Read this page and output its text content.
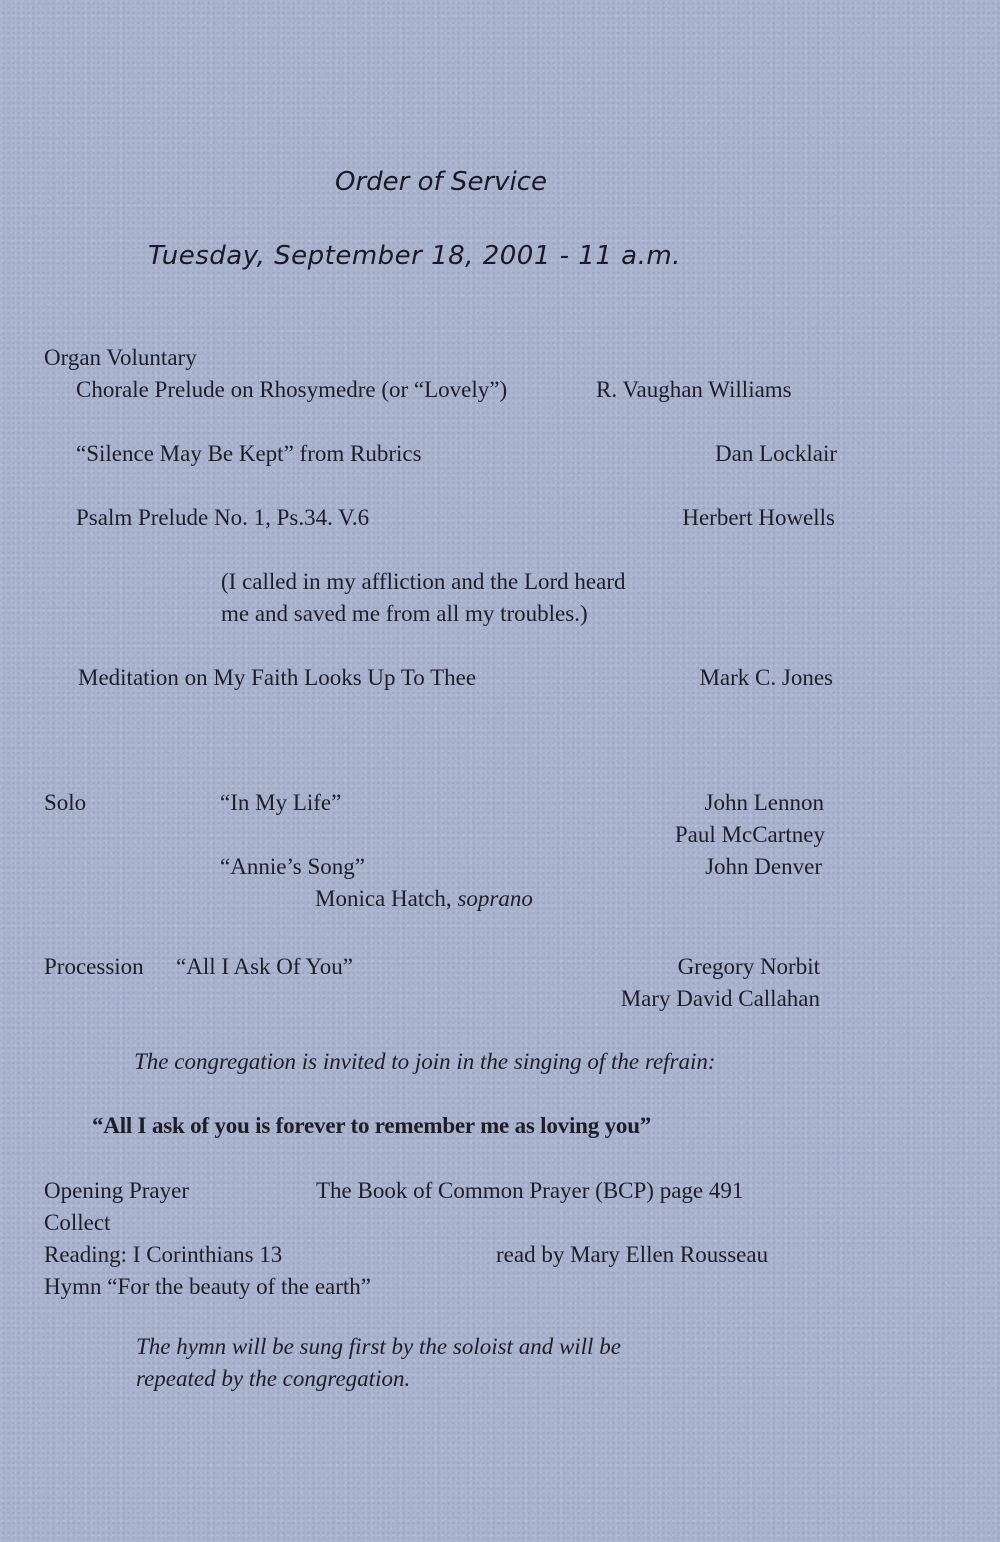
Order of Service
Tuesday, September 18, 2001 - 11 a.m.
Organ Voluntary
Chorale Prelude on Rhosymedre (or “Lovely”)	R. Vaughan Williams
“Silence May Be Kept” from Rubrics	Dan Locklair
Psalm Prelude No. 1, Ps.34. V.6	Herbert Howells
(I called in my affliction and the Lord heard
me and saved me from all my troubles.)
Meditation on My Faith Looks Up To Thee	Mark C. Jones
Solo	“In My Life”	John Lennon
Paul McCartney
“Annie’s Song”	John Denver
Monica Hatch, soprano
Procession “All I Ask Of You”	Gregory Norbit
Mary David Callahan
The congregation is invited to join in the singing of the refrain:
“All I ask of you is forever to remember me as loving you”
Opening Prayer	The Book of Common Prayer (BCP) page 491
Collect
Reading: I Corinthians 13	read by Mary Ellen Rousseau
Hymn “For the beauty of the earth”
The hymn will be sung first by the soloist and will be
repeated by the congregation.
